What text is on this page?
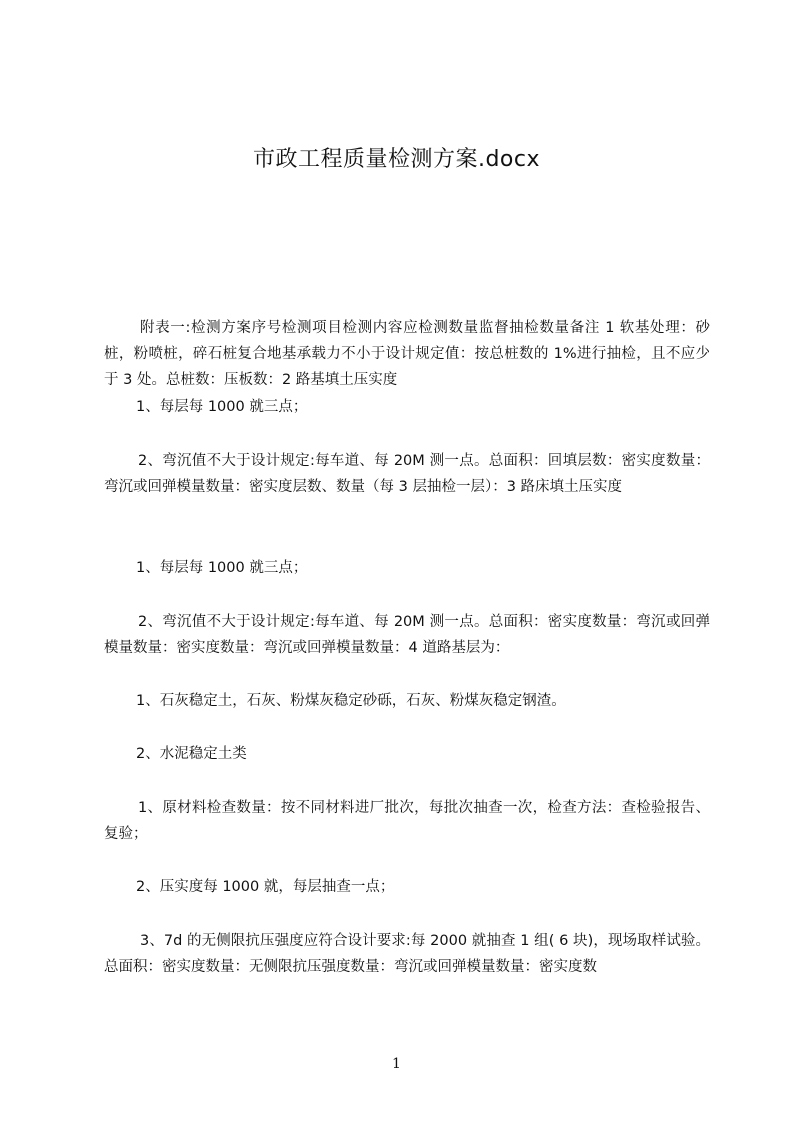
市政工程质量检测方案.docx
附表一:检测方案序号检测项目检测内容应检测数量监督抽检数量备注 1 软基处理：砂桩，粉喷桩，碎石桩复合地基承载力不小于设计规定值：按总桩数的 1%进行抽检，且不应少于 3 处。总桩数：压板数：2 路基填土压实度
1、每层每 1000 就三点；
2、弯沉值不大于设计规定:每车道、每 20M 测一点。总面积：回填层数：密实度数量：弯沉或回弹模量数量：密实度层数、数量（每 3 层抽检一层）：3 路床填土压实度
1、每层每 1000 就三点；
2、弯沉值不大于设计规定:每车道、每 20M 测一点。总面积：密实度数量：弯沉或回弹模量数量：密实度数量：弯沉或回弹模量数量：4 道路基层为：
1、石灰稳定土，石灰、粉煤灰稳定砂砾，石灰、粉煤灰稳定钢渣。
2、水泥稳定土类
1、原材料检查数量：按不同材料进厂批次，每批次抽查一次，检查方法：查检验报告、复验；
2、压实度每 1000 就，每层抽查一点；
3、7d 的无侧限抗压强度应符合设计要求:每 2000 就抽查 1 组( 6 块)，现场取样试验。总面积：密实度数量：无侧限抗压强度数量：弯沉或回弹模量数量：密实度数
1
